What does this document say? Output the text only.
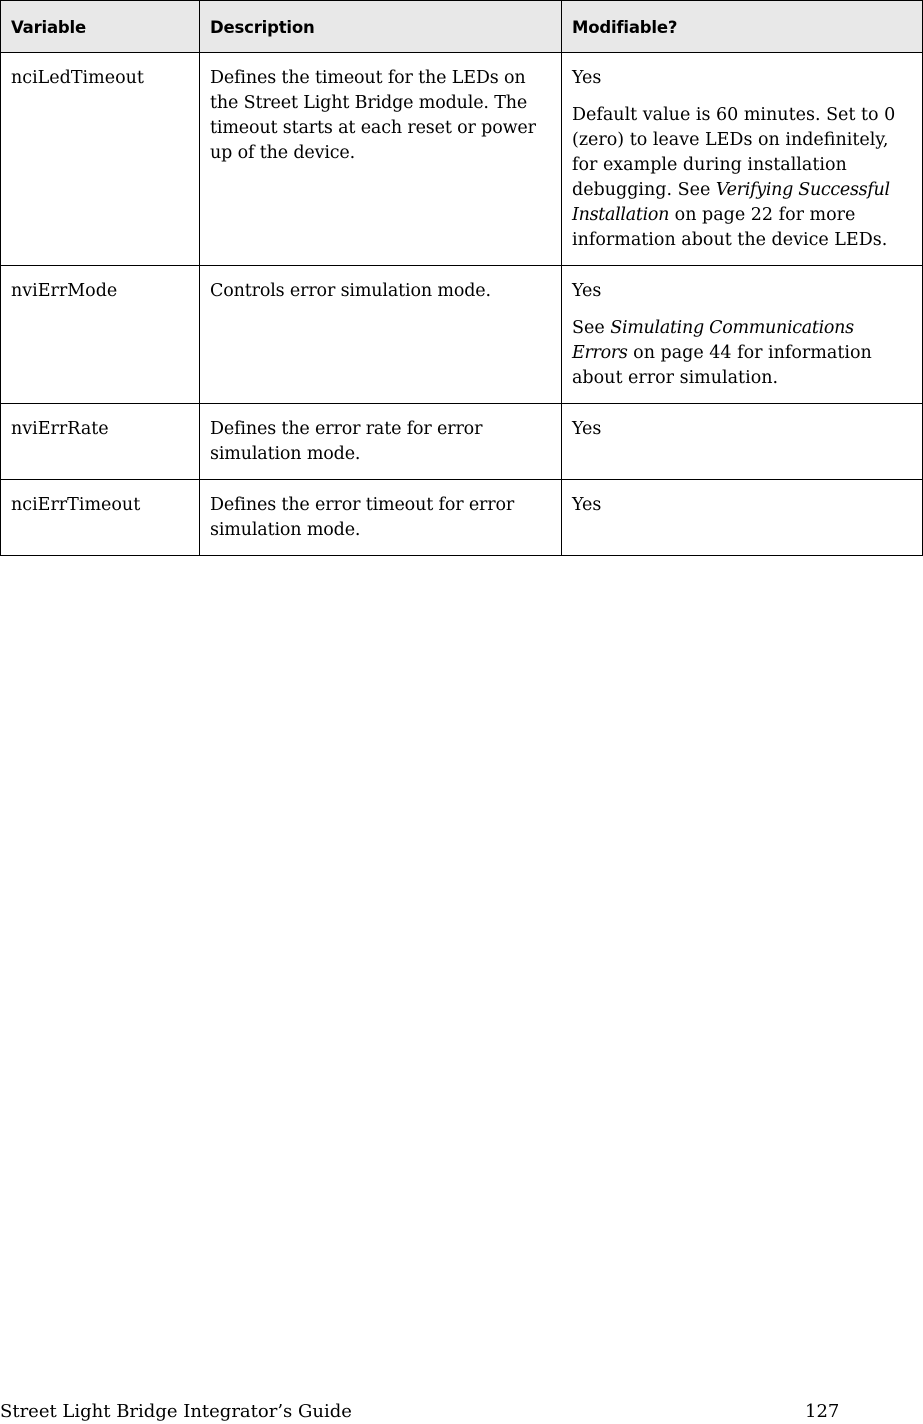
Variable	Description	Modifiable?
nciLedTimeout	Defines the timeout for the LEDs on the Street Light Bridge module. The timeout starts at each reset or power up of the device.	Yes

Default value is 60 minutes. Set to 0 (zero) to leave LEDs on indefinitely, for example during installation debugging. See Verifying Successful Installation on page 22 for more information about the device LEDs.

nviErrMode	Controls error simulation mode.	Yes

See Simulating Communications Errors on page 44 for information about error simulation.

nviErrRate	Defines the error rate for error simulation mode.	Yes

nciErrTimeout	Defines the error timeout for error simulation mode.	Yes

Street Light Bridge Integrator’s Guide	127
